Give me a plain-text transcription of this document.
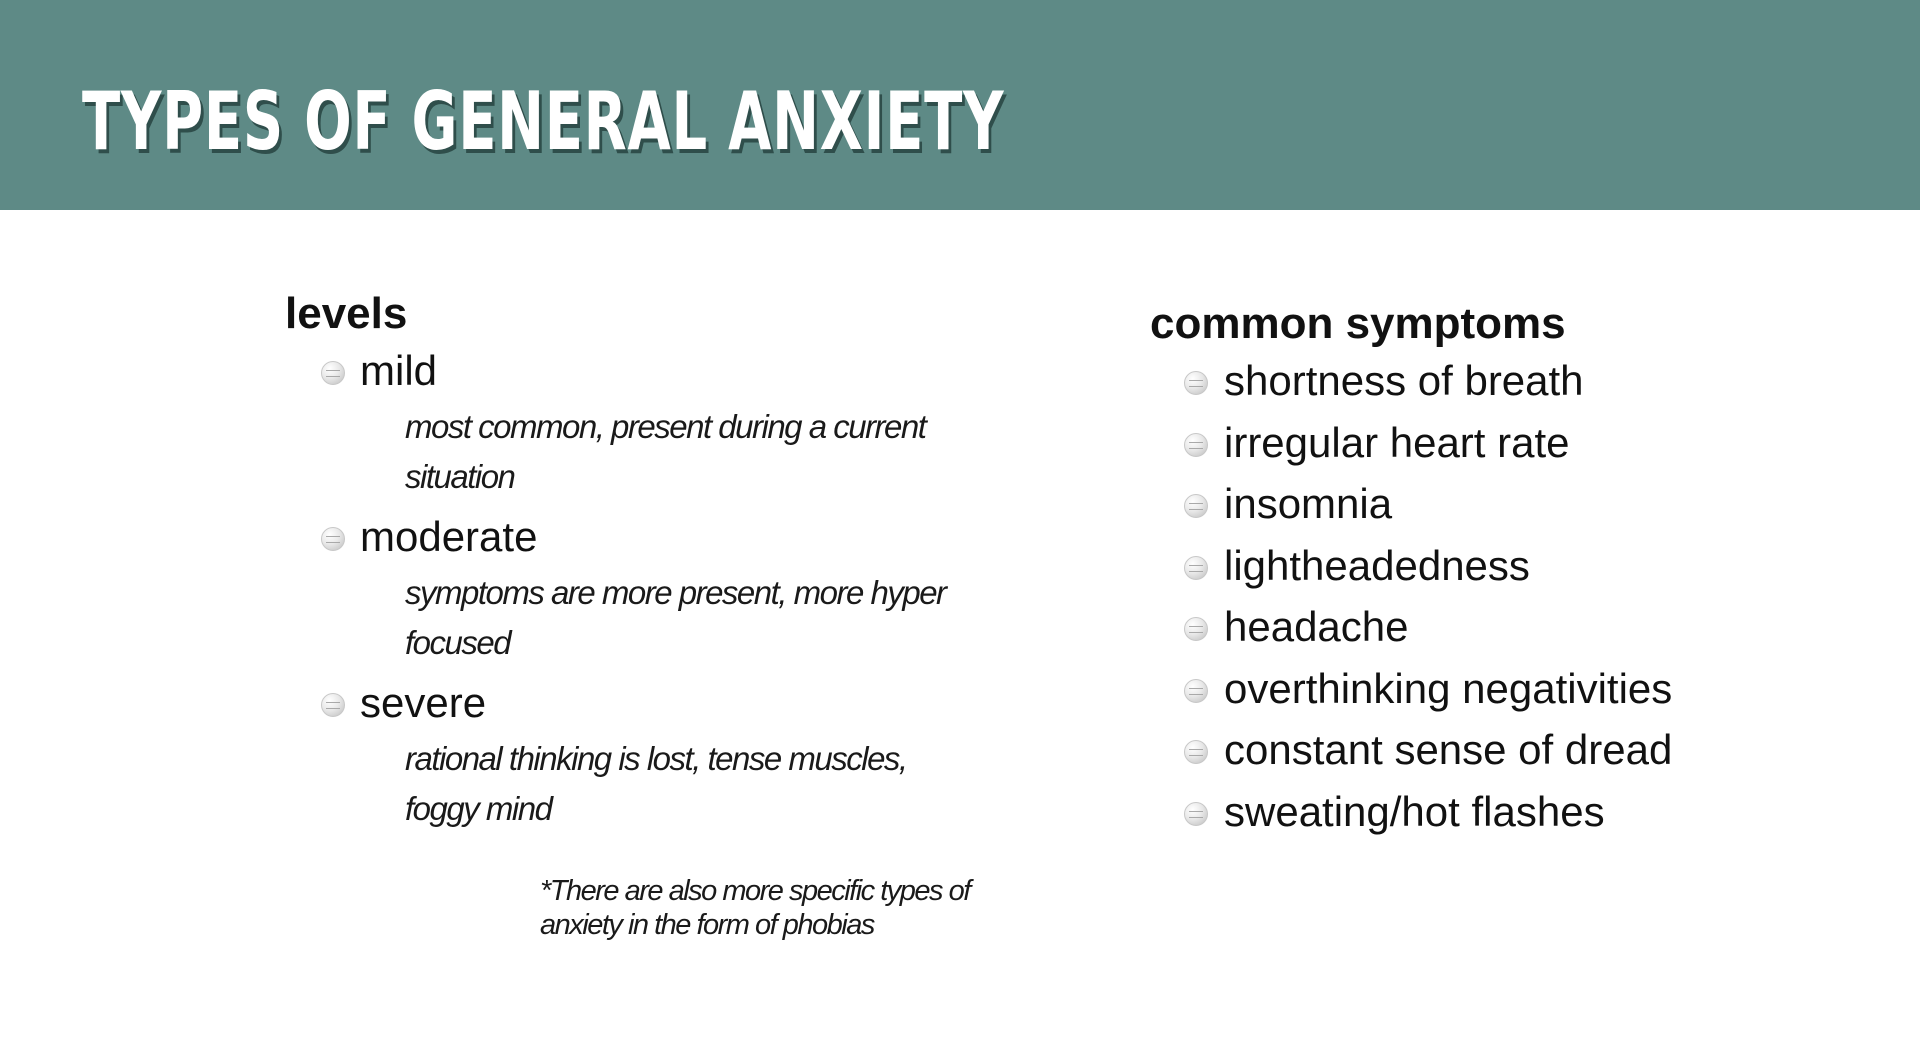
TYPES OF GENERAL ANXIETY
levels
mild

most common, present during a current situation

moderate

symptoms are more present, more hyper focused

severe

rational thinking is lost, tense muscles, foggy mind

*There are also more specific types of anxiety in the form of phobias

common symptoms
shortness of breath
irregular heart rate
insomnia
lightheadedness
headache
overthinking negativities
constant sense of dread
sweating/hot flashes
